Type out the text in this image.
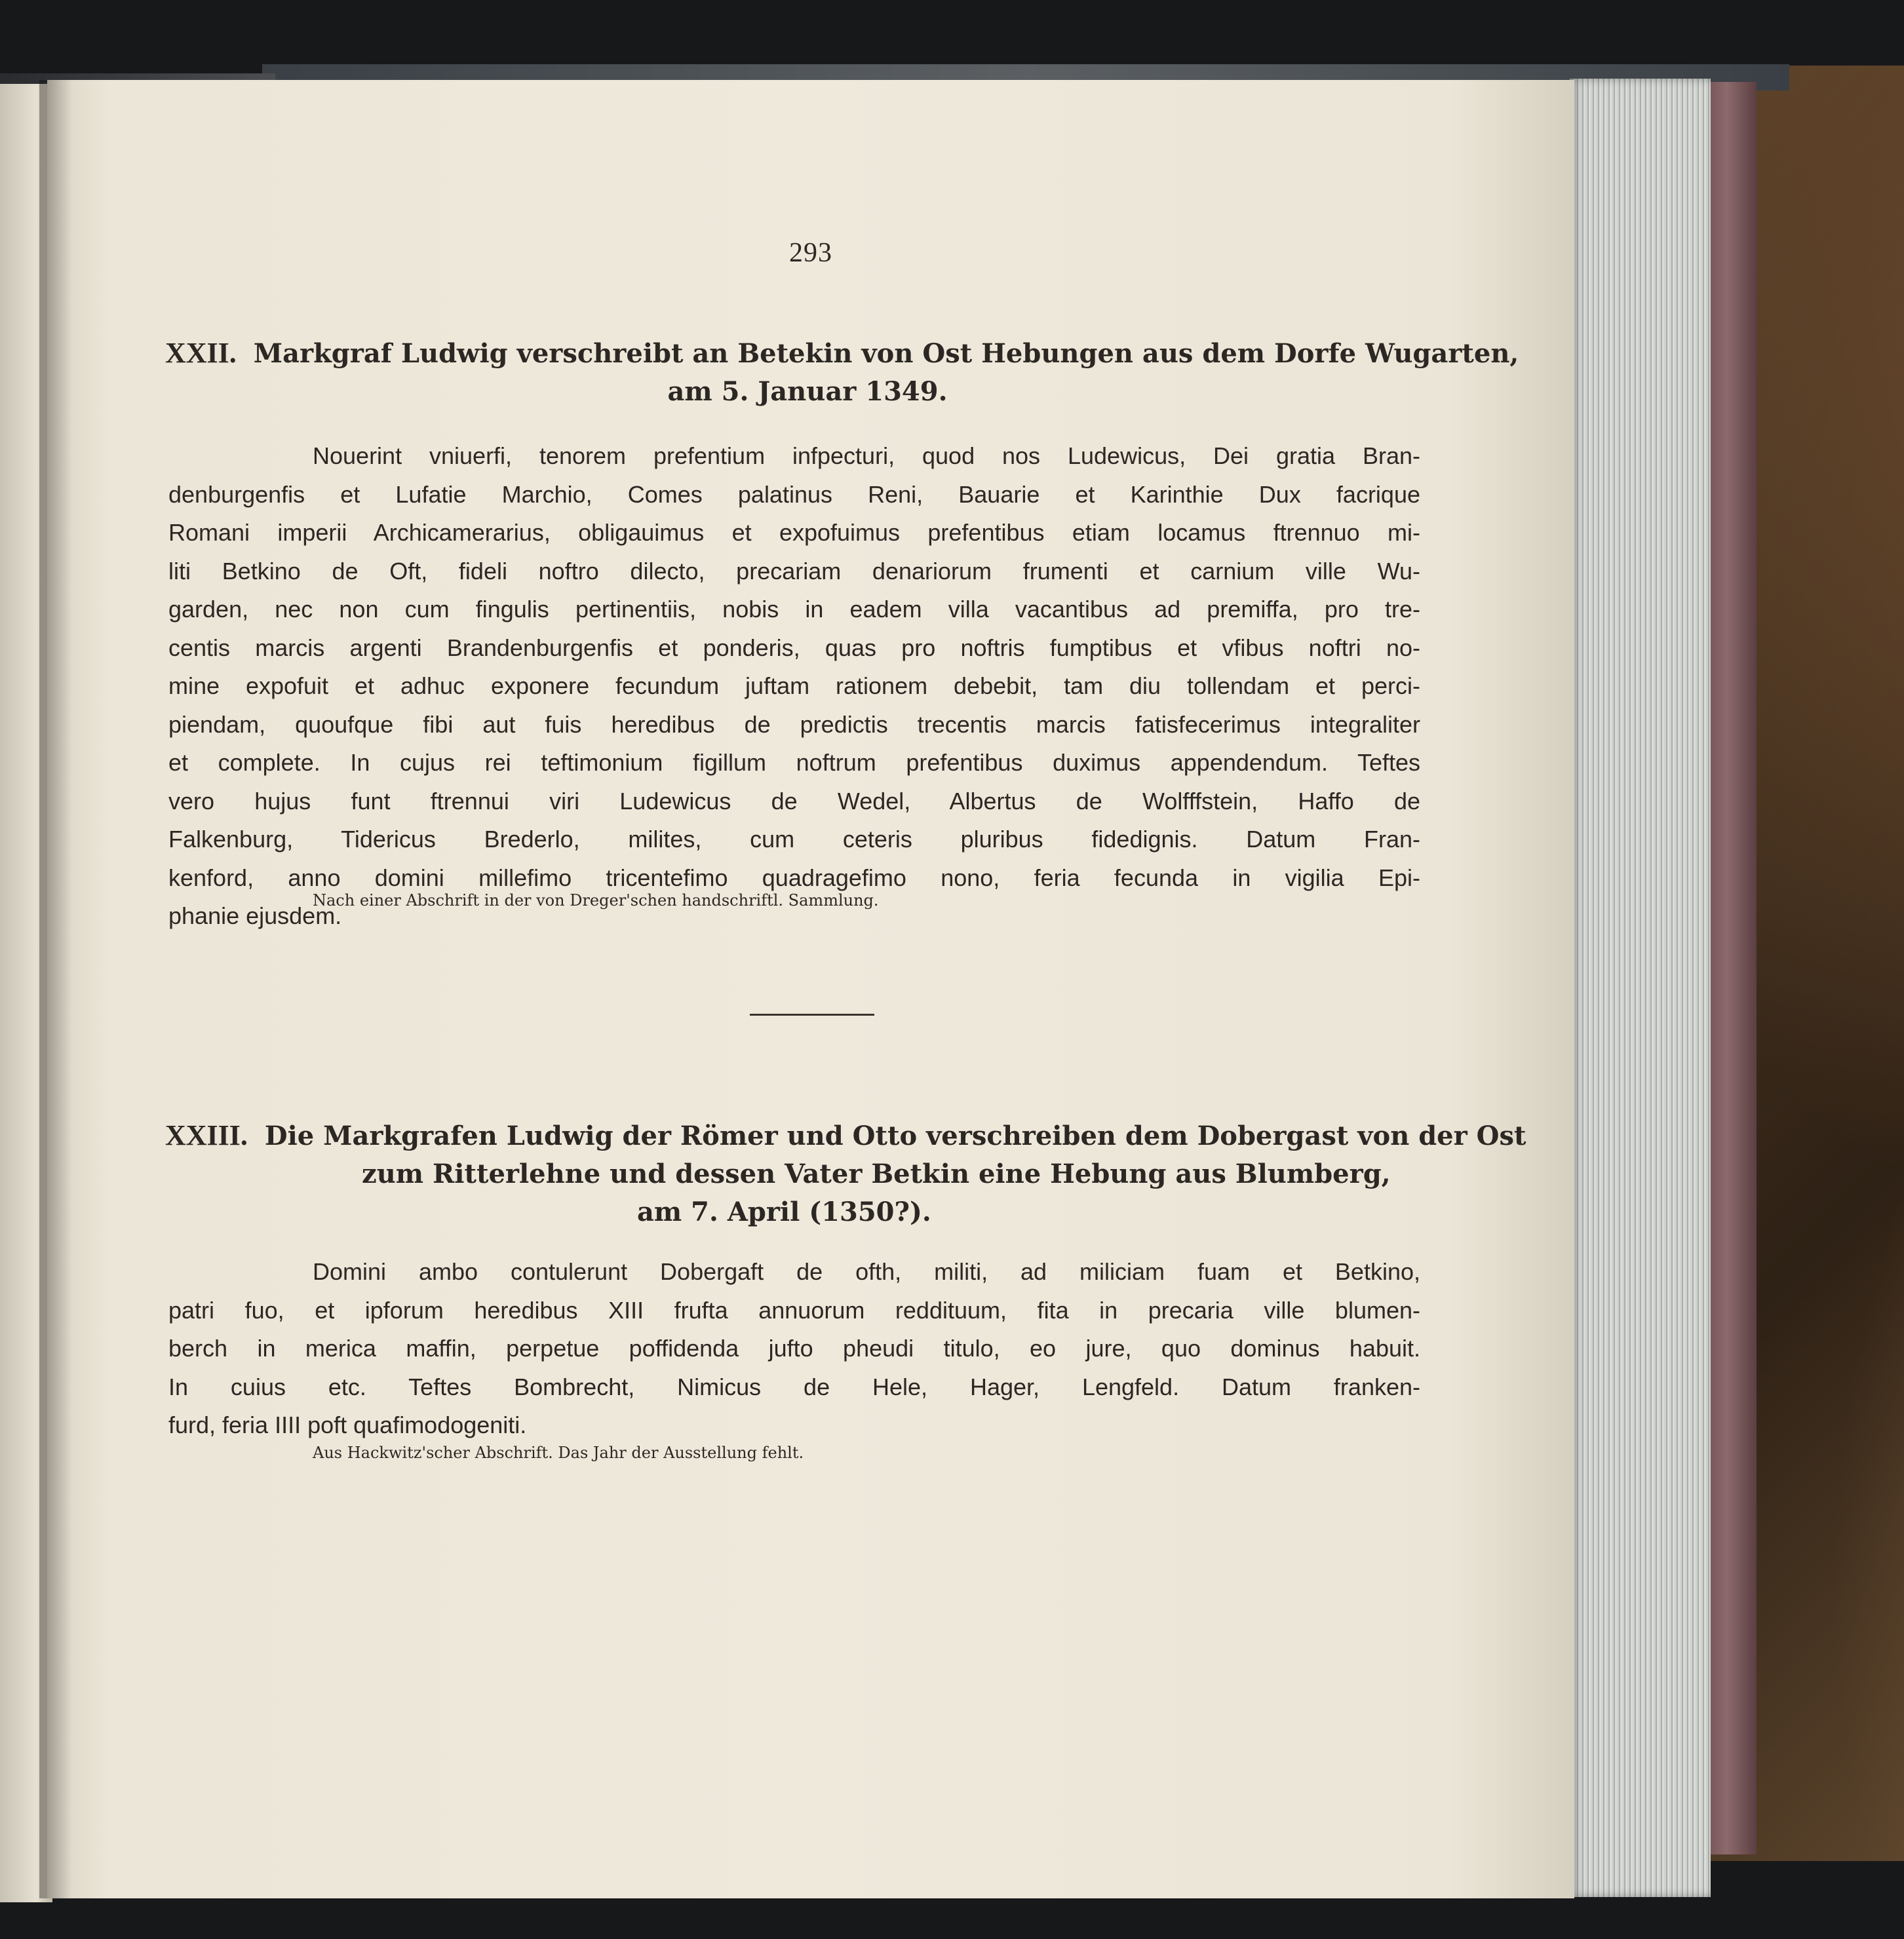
293
XXII. Markgraf Ludwig verschreibt an Betekin von Ost Hebungen aus dem Dorfe Wugarten,
am 5. Januar 1349.
Nouerint vniuerfi, tenorem prefentium infpecturi, quod nos Ludewicus, Dei gratia Bran-
denburgenfis et Lufatie Marchio, Comes palatinus Reni, Bauarie et Karinthie Dux facrique
Romani imperii Archicamerarius, obligauimus et expofuimus prefentibus etiam locamus ftrennuo mi-
liti Betkino de Oft, fideli noftro dilecto, precariam denariorum frumenti et carnium ville Wu-
garden, nec non cum fingulis pertinentiis, nobis in eadem villa vacantibus ad premiffa, pro tre-
centis marcis argenti Brandenburgenfis et ponderis, quas pro noftris fumptibus et vfibus noftri no-
mine expofuit et adhuc exponere fecundum juftam rationem debebit, tam diu tollendam et perci-
piendam, quoufque fibi aut fuis heredibus de predictis trecentis marcis fatisfecerimus integraliter
et complete. In cujus rei teftimonium figillum noftrum prefentibus duximus appendendum. Teftes
vero hujus funt ftrennui viri Ludewicus de Wedel, Albertus de Wolfffstein, Haffo de
Falkenburg, Tidericus Brederlo, milites, cum ceteris pluribus fidedignis. Datum Fran-
kenford, anno domini millefimo tricentefimo quadragefimo nono, feria fecunda in vigilia Epi-
phanie ejusdem.
Nach einer Abschrift in der von Dreger'schen handschriftl. Sammlung.
XXIII. Die Markgrafen Ludwig der Römer und Otto verschreiben dem Dobergast von der Ost
zum Ritterlehne und dessen Vater Betkin eine Hebung aus Blumberg,
am 7. April (1350?).
Domini ambo contulerunt Dobergaft de ofth, militi, ad miliciam fuam et Betkino,
patri fuo, et ipforum heredibus XIII frufta annuorum reddituum, fita in precaria ville blumen-
berch in merica maffin, perpetue poffidenda jufto pheudi titulo, eo jure, quo dominus habuit.
In cuius etc. Teftes Bombrecht, Nimicus de Hele, Hager, Lengfeld. Datum franken-
furd, feria IIII poft quafimodogeniti.
Aus Hackwitz'scher Abschrift. Das Jahr der Ausstellung fehlt.
